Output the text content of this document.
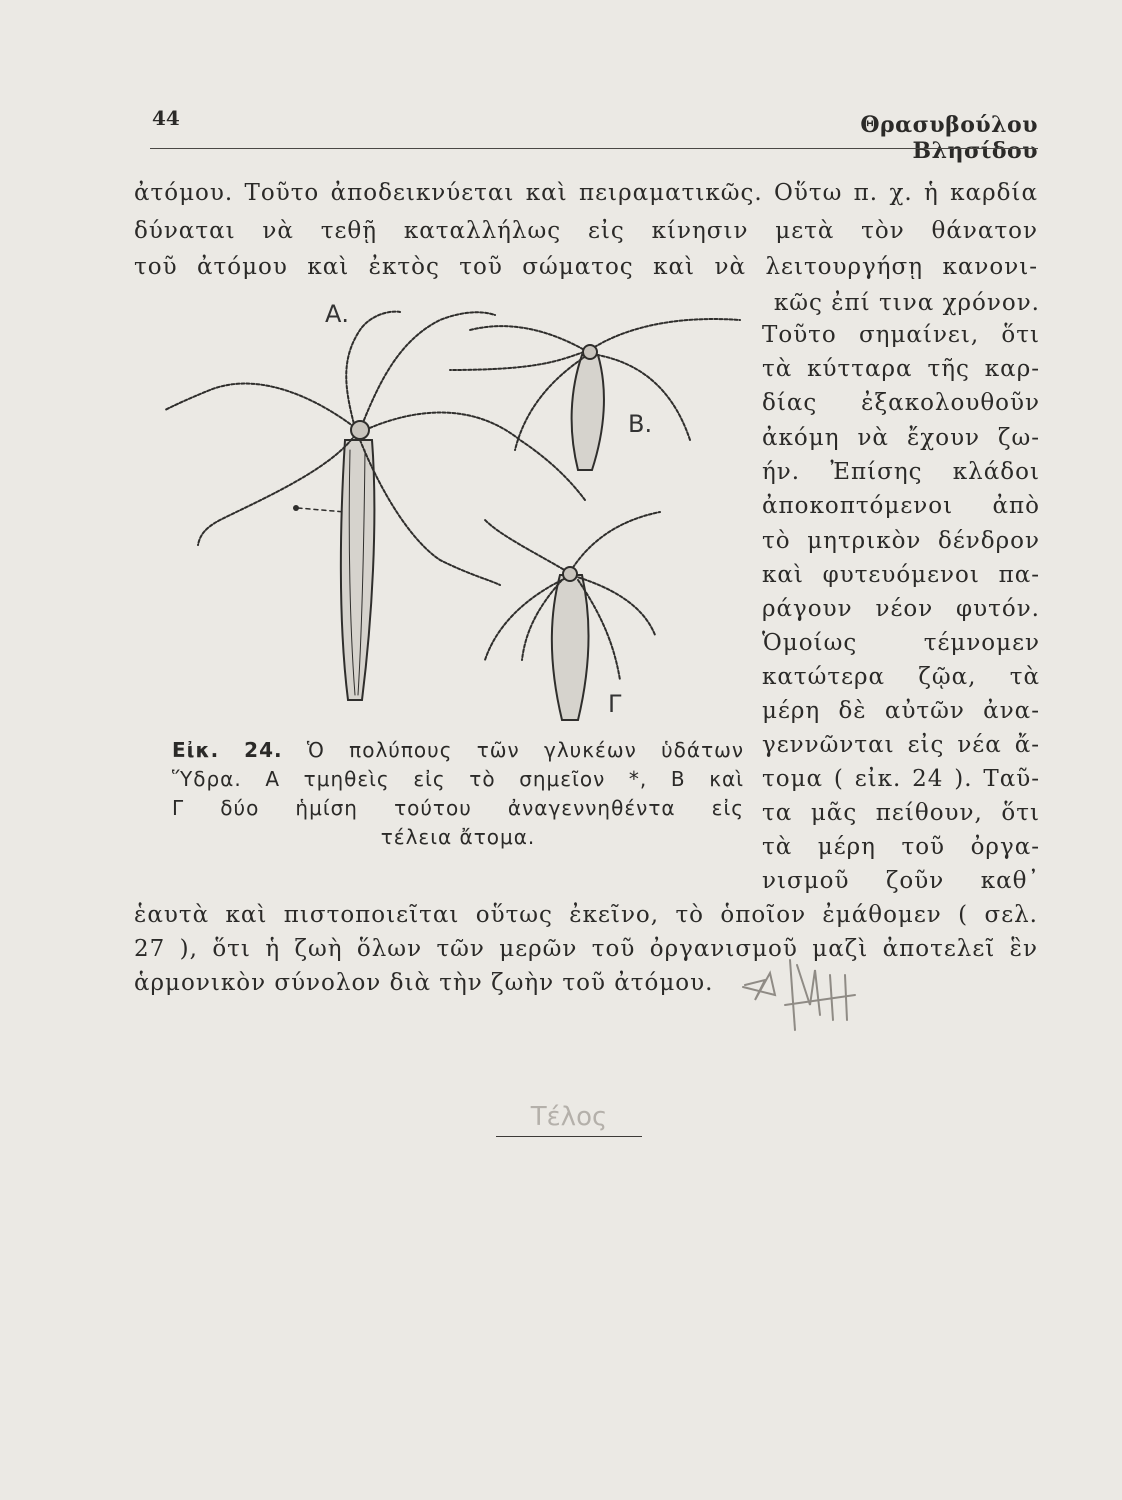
44	Θρασυβούλου Βλησίδου
ἀτόμου. Τοῦτο ἀποδεικνύεται καὶ πειραματικῶς. Οὕτω π. χ. ἡ καρδία
δύναται νὰ τεθῇ καταλλήλως εἰς κίνησιν μετὰ τὸν θάνατον
τοῦ ἀτόμου καὶ ἐκτὸς τοῦ σώματος καὶ νὰ λειτουργήσῃ κανονι-
κῶς ἐπί τινα χρόνον.
Τοῦτο σημαίνει, ὅτι
τὰ κύτταρα τῆς καρ-
δίας ἐξακολουθοῦν
ἀκόμη νὰ ἔχουν ζω-
ήν. Ἐπίσης κλάδοι
ἀποκοπτόμενοι ἀπὸ
τὸ μητρικὸν δένδρον
καὶ φυτευόμενοι πα-
ράγουν νέον φυτόν.
Ὁμοίως τέμνομεν
κατώτερα ζῷα, τὰ
μέρη δὲ αὐτῶν ἀνα-
γεννῶνται εἰς νέα ἄ-
τομα ( εἰκ. 24 ). Ταῦ-
τα μᾶς πείθουν, ὅτι
τὰ μέρη τοῦ ὀργα-
νισμοῦ ζοῦν καθ᾽
ἑαυτὰ καὶ πιστοποιεῖται οὕτως ἐκεῖνο, τὸ ὁποῖον ἐμάθομεν ( σελ.
27 ), ὅτι ἡ ζωὴ ὅλων τῶν μερῶν τοῦ ὀργανισμοῦ μαζὶ ἀποτελεῖ ἓν
ἁρμονικὸν σύνολον διὰ τὴν ζωὴν τοῦ ἀτόμου.
Α.
Β.
Γ
Εἰκ. 24. Ὁ πολύπους τῶν γλυκέων ὑδάτων
Ὕδρα. Α τμηθεὶς εἰς τὸ σημεῖον *, Β καὶ
Γ δύο ἡμίση τούτου ἀναγεννηθέντα εἰς
τέλεια ἄτομα.
Τέλος
